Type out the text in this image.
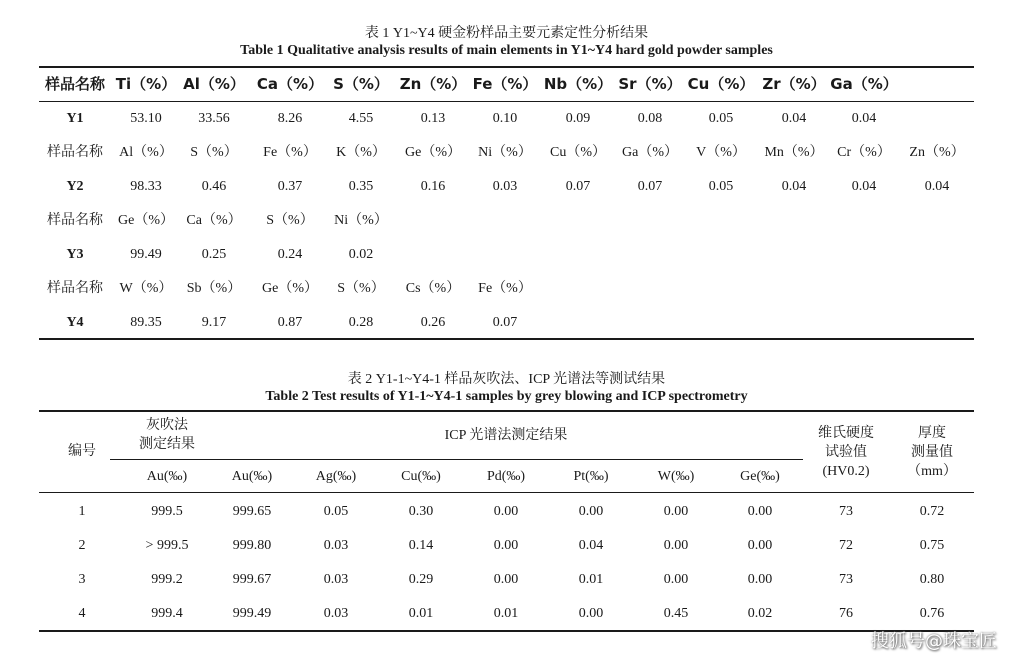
表 1 Y1~Y4 硬金粉样品主要元素定性分析结果
Table 1 Qualitative analysis results of main elements in Y1~Y4 hard gold powder samples
样品名称 Ti（%） Al（%） Ca（%） S（%） Zn（%） Fe（%） Nb（%） Sr（%） Cu（%） Zr（%） Ga（%）
Y1	53.10	33.56	8.26	4.55	0.13	0.10	0.09	0.08	0.05	0.04	0.04
样品名称 Al（%） S（%） Fe（%） K（%） Ge（%） Ni（%） Cu（%） Ga（%） V（%） Mn（%） Cr（%） Zn（%）
Y2	98.33	0.46	0.37	0.35	0.16	0.03	0.07	0.07	0.05	0.04	0.04	0.04
样品名称 Ge（%） Ca（%） S（%） Ni（%）
Y3	99.49	0.25	0.24	0.02
样品名称 W（%） Sb（%） Ge（%） S（%） Cs（%） Fe（%）
Y4	89.35	9.17	0.87	0.28	0.26	0.07
表 2 Y1-1~Y4-1 样品灰吹法、ICP 光谱法等测试结果
Table 2 Test results of Y1-1~Y4-1 samples by grey blowing and ICP spectrometry
编号
灰吹法
测定结果
ICP 光谱法测定结果	维氏硬度
试验值
(HV0.2)
厚度
测量值
（mm）
Au(‰)	Au(‰)	Ag(‰)	Cu(‰)	Pd(‰)	Pt(‰)	W(‰)	Ge(‰)
1	999.5	999.65	0.05	0.30	0.00	0.00	0.00	0.00	73	0.72
2	> 999.5	999.80	0.03	0.14	0.00	0.04	0.00	0.00	72	0.75
3	999.2	999.67	0.03	0.29	0.00	0.01	0.00	0.00	73	0.80
4	999.4	999.49	0.03	0.01	0.01	0.00	0.45	0.02	76	0.76
搜狐号@珠宝匠
